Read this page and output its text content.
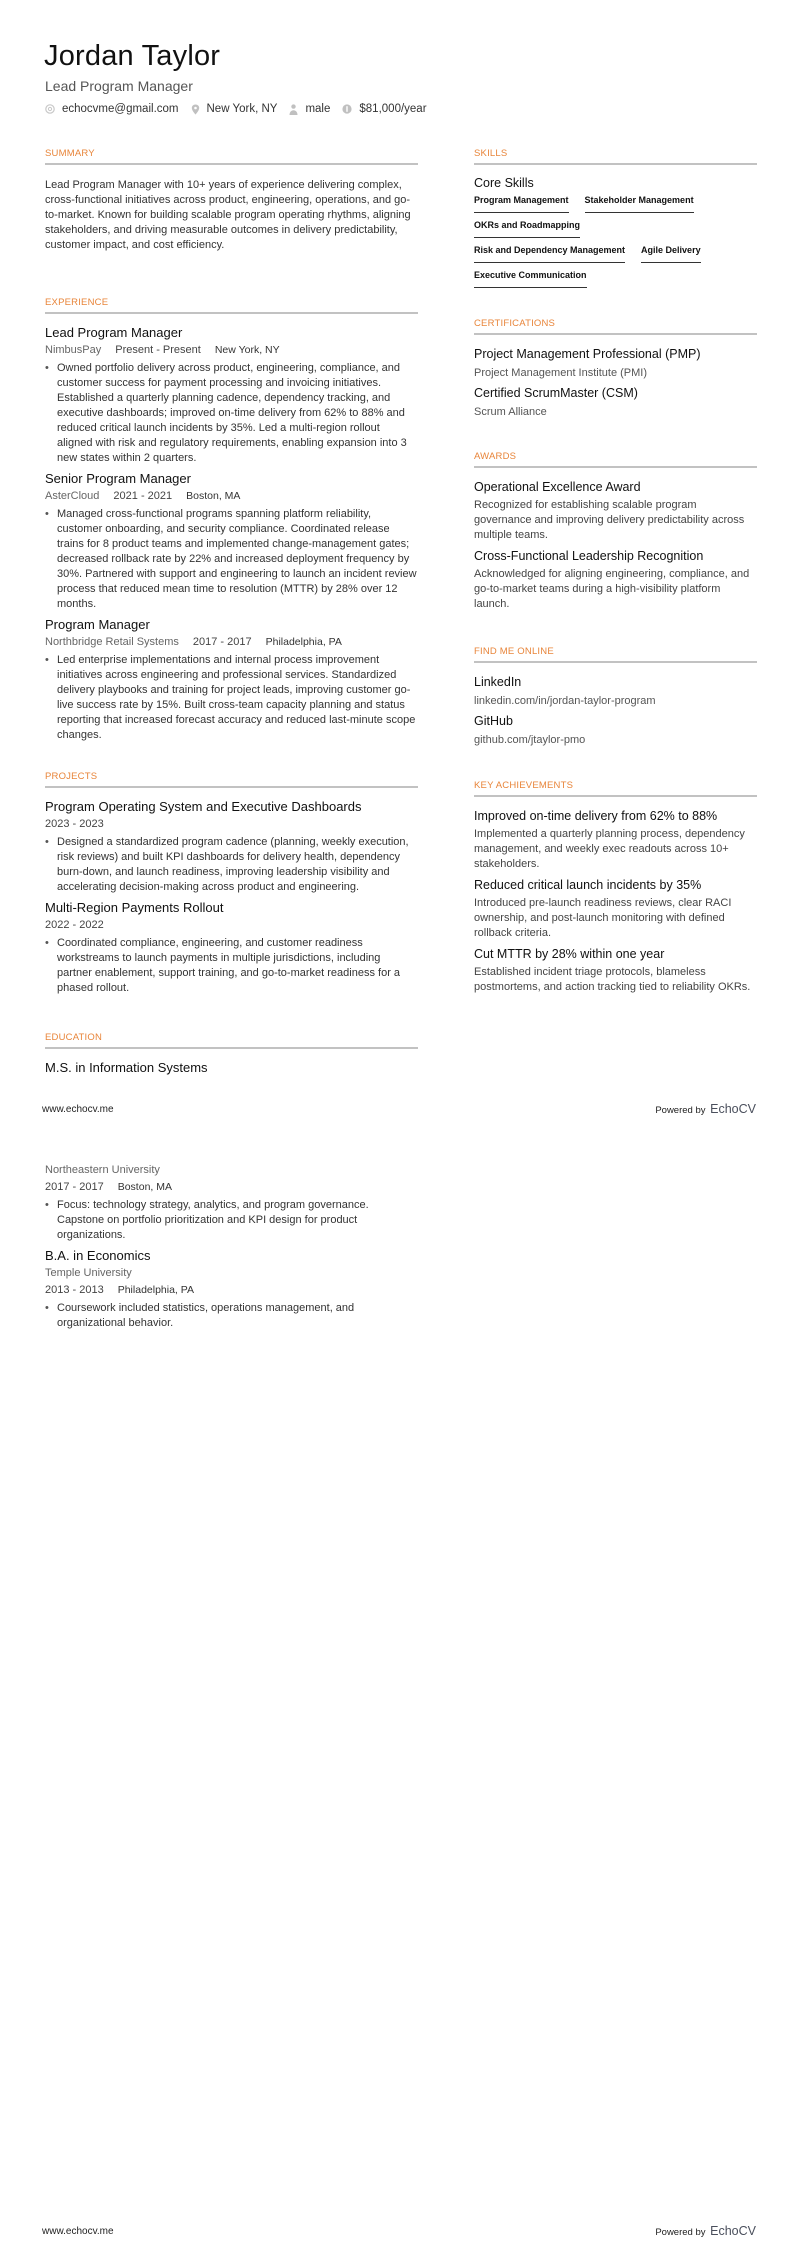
Jordan Taylor
Lead Program Manager
echocvme@gmail.com New York, NY male	$81,000/year
SUMMARY
Lead Program Manager with 10+ years of experience delivering complex, cross-functional initiatives across product, engineering, operations, and go-to-market. Known for building scalable program operating rhythms, aligning stakeholders, and driving measurable outcomes in delivery predictability, customer impact, and cost efficiency.
EXPERIENCE
Lead Program Manager
NimbusPay Present - Present New York, NY
• Owned portfolio delivery across product, engineering, compliance, and customer success for payment processing and invoicing initiatives. Established a quarterly planning cadence, dependency tracking, and executive dashboards; improved on-time delivery from 62% to 88% and reduced critical launch incidents by 35%. Led a multi-region rollout aligned with risk and regulatory requirements, enabling expansion into 3 new states within 2 quarters.
Senior Program Manager
AsterCloud 2021 - 2021 Boston, MA
• Managed cross-functional programs spanning platform reliability, customer onboarding, and security compliance. Coordinated release trains for 8 product teams and implemented change-management gates; decreased rollback rate by 22% and increased deployment frequency by 30%. Partnered with support and engineering to launch an incident review process that reduced mean time to resolution (MTTR) by 28% over 12 months.
Program Manager
Northbridge Retail Systems 2017 - 2017 Philadelphia, PA
• Led enterprise implementations and internal process improvement initiatives across engineering and professional services. Standardized delivery playbooks and training for project leads, improving customer go-live success rate by 15%. Built cross-team capacity planning and status reporting that increased forecast accuracy and reduced last-minute scope changes.
PROJECTS
Program Operating System and Executive Dashboards
2023 - 2023
• Designed a standardized program cadence (planning, weekly execution, risk reviews) and built KPI dashboards for delivery health, dependency burn-down, and launch readiness, improving leadership visibility and accelerating decision-making across product and engineering.
Multi-Region Payments Rollout
2022 - 2022
• Coordinated compliance, engineering, and customer readiness workstreams to launch payments in multiple jurisdictions, including partner enablement, support training, and go-to-market readiness for a phased rollout.
EDUCATION
M.S. in Information Systems
Northeastern University
2017 - 2017 Boston, MA
• Focus: technology strategy, analytics, and program governance. Capstone on portfolio prioritization and KPI design for product organizations.
B.A. in Economics
Temple University
2013 - 2013 Philadelphia, PA
• Coursework included statistics, operations management, and organizational behavior.
SKILLS
Core Skills
Program Management Stakeholder Management
OKRs and Roadmapping
Risk and Dependency Management Agile Delivery
Executive Communication
CERTIFICATIONS
Project Management Professional (PMP)
Project Management Institute (PMI)
Certified ScrumMaster (CSM)
Scrum Alliance
AWARDS
Operational Excellence Award
Recognized for establishing scalable program governance and improving delivery predictability across multiple teams.
Cross-Functional Leadership Recognition
Acknowledged for aligning engineering, compliance, and go-to-market teams during a high-visibility platform launch.
FIND ME ONLINE
LinkedIn
linkedin.com/in/jordan-taylor-program
GitHub
github.com/jtaylor-pmo
KEY ACHIEVEMENTS
Improved on-time delivery from 62% to 88%
Implemented a quarterly planning process, dependency management, and weekly exec readouts across 10+ stakeholders.
Reduced critical launch incidents by 35%
Introduced pre-launch readiness reviews, clear RACI ownership, and post-launch monitoring with defined rollback criteria.
Cut MTTR by 28% within one year
Established incident triage protocols, blameless postmortems, and action tracking tied to reliability OKRs.
www.echocv.me	Powered by EchoCV
www.echocv.me	Powered by EchoCV
